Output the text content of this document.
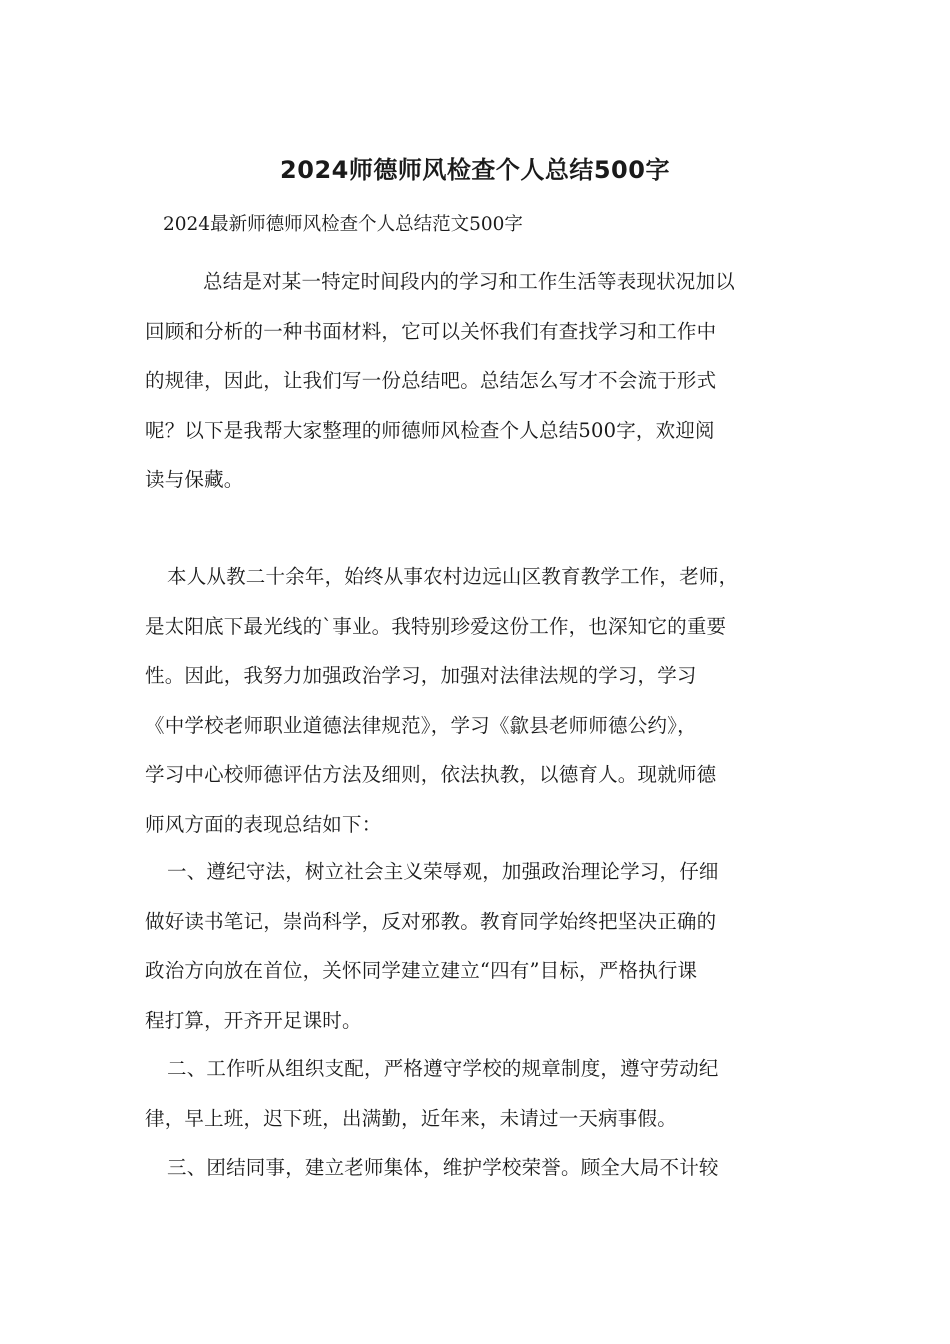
2024师德师风检查个人总结500字
2024最新师德师风检查个人总结范文500字
总结是对某一特定时间段内的学习和工作生活等表现状况加以
回顾和分析的一种书面材料，它可以关怀我们有查找学习和工作中
的规律，因此，让我们写一份总结吧。总结怎么写才不会流于形式
呢？以下是我帮大家整理的师德师风检查个人总结500字，欢迎阅
读与保藏。
本人从教二十余年，始终从事农村边远山区教育教学工作，老师，
是太阳底下最光线的`事业。我特别珍爱这份工作，也深知它的重要
性。因此，我努力加强政治学习，加强对法律法规的学习，学习
《中学校老师职业道德法律规范》，学习《歙县老师师德公约》，
学习中心校师德评估方法及细则，依法执教，以德育人。现就师德
师风方面的表现总结如下：
一、遵纪守法，树立社会主义荣辱观，加强政治理论学习，仔细
做好读书笔记，崇尚科学，反对邪教。教育同学始终把坚决正确的
政治方向放在首位，关怀同学建立建立“四有”目标，严格执行课
程打算，开齐开足课时。
二、工作听从组织支配，严格遵守学校的规章制度，遵守劳动纪
律，早上班，迟下班，出满勤，近年来，未请过一天病事假。
三、团结同事，建立老师集体，维护学校荣誉。顾全大局不计较
